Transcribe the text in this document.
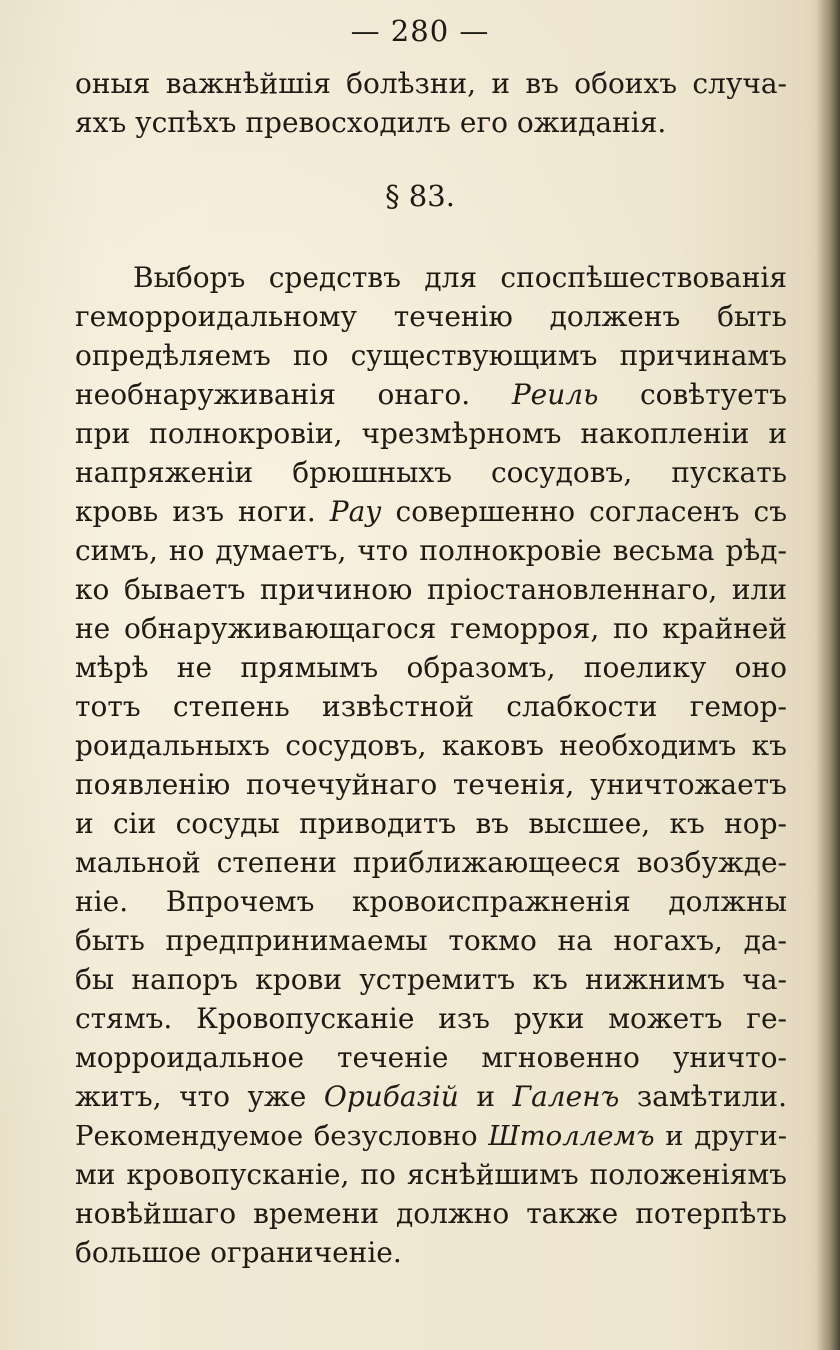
— 280 —
оныя важнѣйшія болѣзни, и въ обоихъ случа-
яхъ успѣхъ превосходилъ его ожиданія.
§ 83.
Выборъ средствъ для споспѣшествованія
геморроидальному теченію долженъ быть
опредѣляемъ по существующимъ причинамъ
необнаруживанія онаго. Реиль совѣтуетъ
при полнокровіи, чрезмѣрномъ накопленіи и
напряженіи брюшныхъ сосудовъ, пускать
кровь изъ ноги. Рау совершенно согласенъ съ
симъ, но думаетъ, что полнокровіе весьма рѣд-
ко бываетъ причиною пріостановленнаго, или
не обнаруживающагося геморроя, по крайней
мѣрѣ не прямымъ образомъ, поелику оно
тотъ степень извѣстной слабкости гемор-
роидальныхъ сосудовъ, каковъ необходимъ къ
появленію почечуйнаго теченія, уничтожаетъ
и сіи сосуды приводитъ въ высшее, къ нор-
мальной степени приближающееся возбужде-
ніе. Впрочемъ кровоиспражненія должны
быть предпринимаемы токмо на ногахъ, да-
бы напоръ крови устремитъ къ нижнимъ ча-
стямъ. Кровопусканіе изъ руки можетъ ге-
морроидальное теченіе мгновенно уничто-
житъ, что уже Орибазій и Галенъ замѣтили.
Рекомендуемое безусловно Штоллемъ и други-
ми кровопусканіе, по яснѣйшимъ положеніямъ
новѣйшаго времени должно также потерпѣть
большое ограниченіе.
